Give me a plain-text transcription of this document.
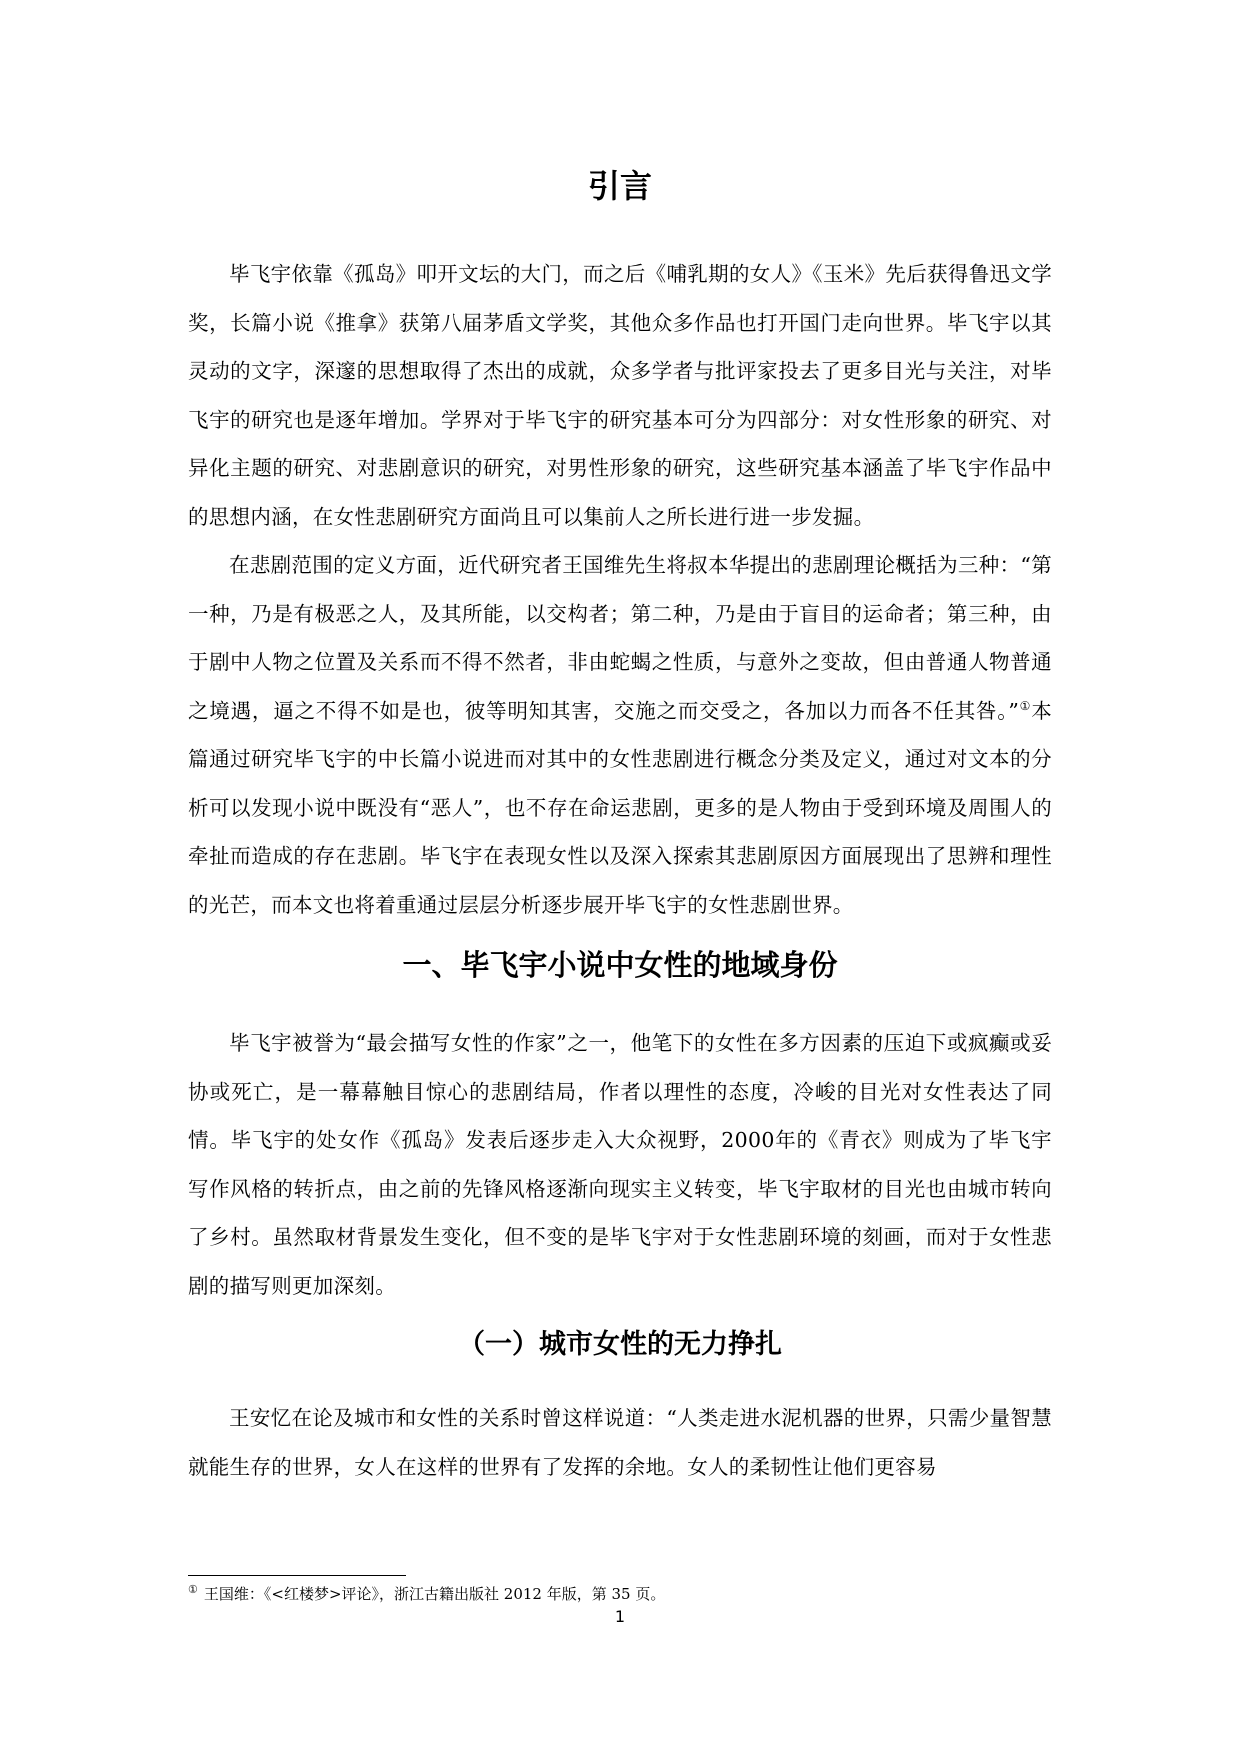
引言

毕飞宇依靠《孤岛》叩开文坛的大门，而之后《哺乳期的女人》《玉米》先后获得鲁迅文学奖，长篇小说《推拿》获第八届茅盾文学奖，其他众多作品也打开国门走向世界。毕飞宇以其灵动的文字，深邃的思想取得了杰出的成就，众多学者与批评家投去了更多目光与关注，对毕飞宇的研究也是逐年增加。学界对于毕飞宇的研究基本可分为四部分：对女性形象的研究、对异化主题的研究、对悲剧意识的研究，对男性形象的研究，这些研究基本涵盖了毕飞宇作品中的思想内涵，在女性悲剧研究方面尚且可以集前人之所长进行进一步发掘。

在悲剧范围的定义方面，近代研究者王国维先生将叔本华提出的悲剧理论概括为三种：“第一种，乃是有极恶之人，及其所能，以交构者；第二种，乃是由于盲目的运命者；第三种，由于剧中人物之位置及关系而不得不然者，非由蛇蝎之性质，与意外之变故，但由普通人物普通之境遇，逼之不得不如是也，彼等明知其害，交施之而交受之，各加以力而各不任其咎。”①本篇通过研究毕飞宇的中长篇小说进而对其中的女性悲剧进行概念分类及定义，通过对文本的分析可以发现小说中既没有“恶人”，也不存在命运悲剧，更多的是人物由于受到环境及周围人的牵扯而造成的存在悲剧。毕飞宇在表现女性以及深入探索其悲剧原因方面展现出了思辨和理性的光芒，而本文也将着重通过层层分析逐步展开毕飞宇的女性悲剧世界。

一、毕飞宇小说中女性的地域身份

毕飞宇被誉为“最会描写女性的作家”之一，他笔下的女性在多方因素的压迫下或疯癫或妥协或死亡，是一幕幕触目惊心的悲剧结局，作者以理性的态度，冷峻的目光对女性表达了同情。毕飞宇的处女作《孤岛》发表后逐步走入大众视野，2000年的《青衣》则成为了毕飞宇写作风格的转折点，由之前的先锋风格逐渐向现实主义转变，毕飞宇取材的目光也由城市转向了乡村。虽然取材背景发生变化，但不变的是毕飞宇对于女性悲剧环境的刻画，而对于女性悲剧的描写则更加深刻。

（一）城市女性的无力挣扎

王安忆在论及城市和女性的关系时曾这样说道：“人类走进水泥机器的世界，只需少量智慧就能生存的世界，女人在这样的世界有了发挥的余地。女人的柔韧性让他们更容易

① 王国维：《<红楼梦>评论》，浙江古籍出版社 2012 年版，第 35 页。
1
